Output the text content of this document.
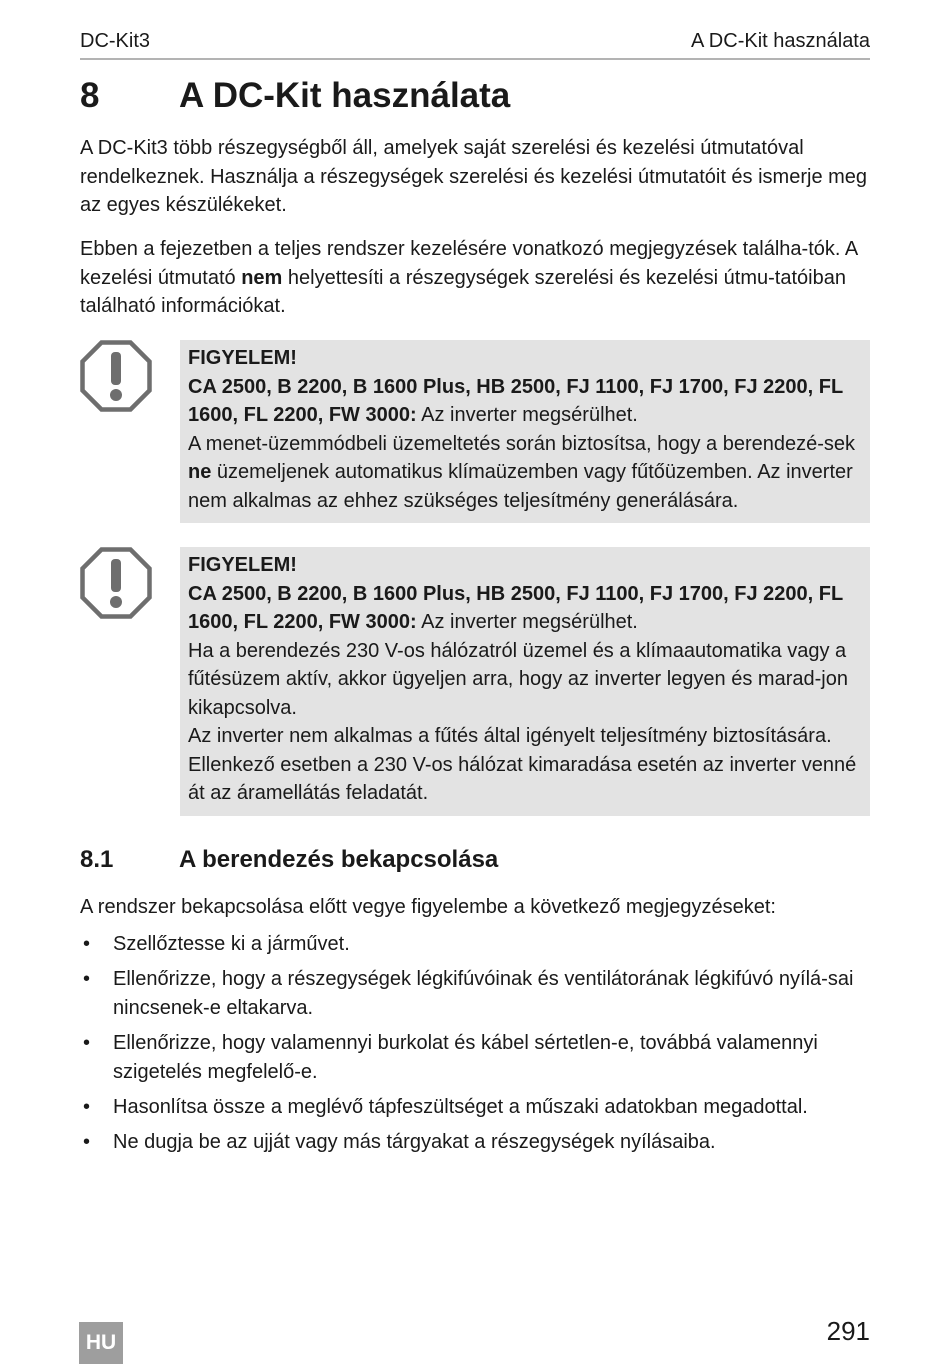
DC-Kit3	A DC-Kit használata
8 A DC-Kit használata

A DC-Kit3 több részegységből áll, amelyek saját szerelési és kezelési útmutatóval rendelkeznek. Használja a részegységek szerelési és kezelési útmutatóit és ismerje meg az egyes készülékeket.

Ebben a fejezetben a teljes rendszer kezelésére vonatkozó megjegyzések találha-tók. A kezelési útmutató nem helyettesíti a részegységek szerelési és kezelési útmu-tatóiban található információkat.

FIGYELEM!
CA 2500, B 2200, B 1600 Plus, HB 2500, FJ 1100, FJ 1700, FJ 2200, FL 1600, FL 2200, FW 3000: Az inverter megsérülhet.
A menet-üzemmódbeli üzemeltetés során biztosítsa, hogy a berendezé-sek ne üzemeljenek automatikus klímaüzemben vagy fűtőüzemben. Az inverter nem alkalmas az ehhez szükséges teljesítmény generálására.
FIGYELEM!
CA 2500, B 2200, B 1600 Plus, HB 2500, FJ 1100, FJ 1700, FJ 2200, FL 1600, FL 2200, FW 3000: Az inverter megsérülhet.
Ha a berendezés 230 V-os hálózatról üzemel és a klímaautomatika vagy a fűtésüzem aktív, akkor ügyeljen arra, hogy az inverter legyen és marad-jon kikapcsolva.
Az inverter nem alkalmas a fűtés által igényelt teljesítmény biztosítására. Ellenkező esetben a 230 V-os hálózat kimaradása esetén az inverter venné át az áramellátás feladatát.
8.1	A berendezés bekapcsolása

A rendszer bekapcsolása előtt vegye figyelembe a következő megjegyzéseket:

• Szellőztesse ki a járművet.
• Ellenőrizze, hogy a részegységek légkifúvóinak és ventilátorának légkifúvó nyílá-sai nincsenek-e eltakarva.
• Ellenőrizze, hogy valamennyi burkolat és kábel sértetlen-e, továbbá valamennyi szigetelés megfelelő-e.
• Hasonlítsa össze a meglévő tápfeszültséget a műszaki adatokban megadottal.
• Ne dugja be az ujját vagy más tárgyakat a részegységek nyílásaiba.
HU	291
